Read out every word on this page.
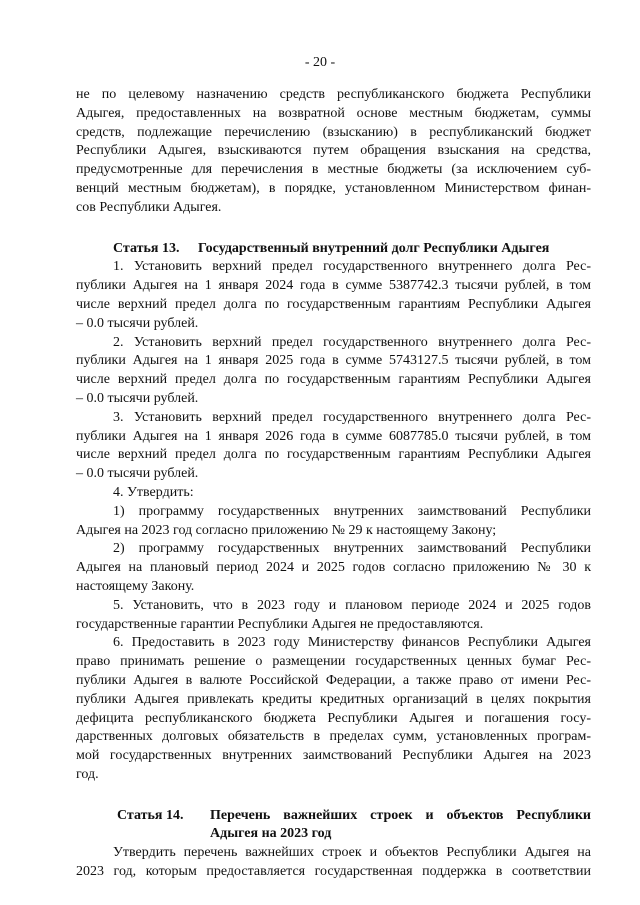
- 20 -
не по целевому назначению средств республиканского бюджета Республики
Адыгея, предоставленных на возвратной основе местным бюджетам, суммы
средств, подлежащие перечислению (взысканию) в республиканский бюджет
Республики Адыгея, взыскиваются путем обращения взыскания на средства,
предусмотренные для перечисления в местные бюджеты (за исключением суб-
венций местным бюджетам), в порядке, установленном Министерством финан-
сов Республики Адыгея.
Статья 13. Государственный внутренний долг Республики Адыгея
1. Установить верхний предел государственного внутреннего долга Рес-
публики Адыгея на 1 января 2024 года в сумме 5387742.3 тысячи рублей, в том
числе верхний предел долга по государственным гарантиям Республики Адыгея
– 0.0 тысячи рублей.
2. Установить верхний предел государственного внутреннего долга Рес-
публики Адыгея на 1 января 2025 года в сумме 5743127.5 тысячи рублей, в том
числе верхний предел долга по государственным гарантиям Республики Адыгея
– 0.0 тысячи рублей.
3. Установить верхний предел государственного внутреннего долга Рес-
публики Адыгея на 1 января 2026 года в сумме 6087785.0 тысячи рублей, в том
числе верхний предел долга по государственным гарантиям Республики Адыгея
– 0.0 тысячи рублей.
4. Утвердить:
1) программу государственных внутренних заимствований Республики
Адыгея на 2023 год согласно приложению № 29 к настоящему Закону;
2) программу государственных внутренних заимствований Республики
Адыгея на плановый период 2024 и 2025 годов согласно приложению № 30 к
настоящему Закону.
5. Установить, что в 2023 году и плановом периоде 2024 и 2025 годов
государственные гарантии Республики Адыгея не предоставляются.
6. Предоставить в 2023 году Министерству финансов Республики Адыгея
право принимать решение о размещении государственных ценных бумаг Рес-
публики Адыгея в валюте Российской Федерации, а также право от имени Рес-
публики Адыгея привлекать кредиты кредитных организаций в целях покрытия
дефицита республиканского бюджета Республики Адыгея и погашения госу-
дарственных долговых обязательств в пределах сумм, установленных програм-
мой государственных внутренних заимствований Республики Адыгея на 2023
год.
Статья 14.	Перечень важнейших строек и объектов Республики
Адыгея на 2023 год
Утвердить перечень важнейших строек и объектов Республики Адыгея на
2023 год, которым предоставляется государственная поддержка в соответствии
